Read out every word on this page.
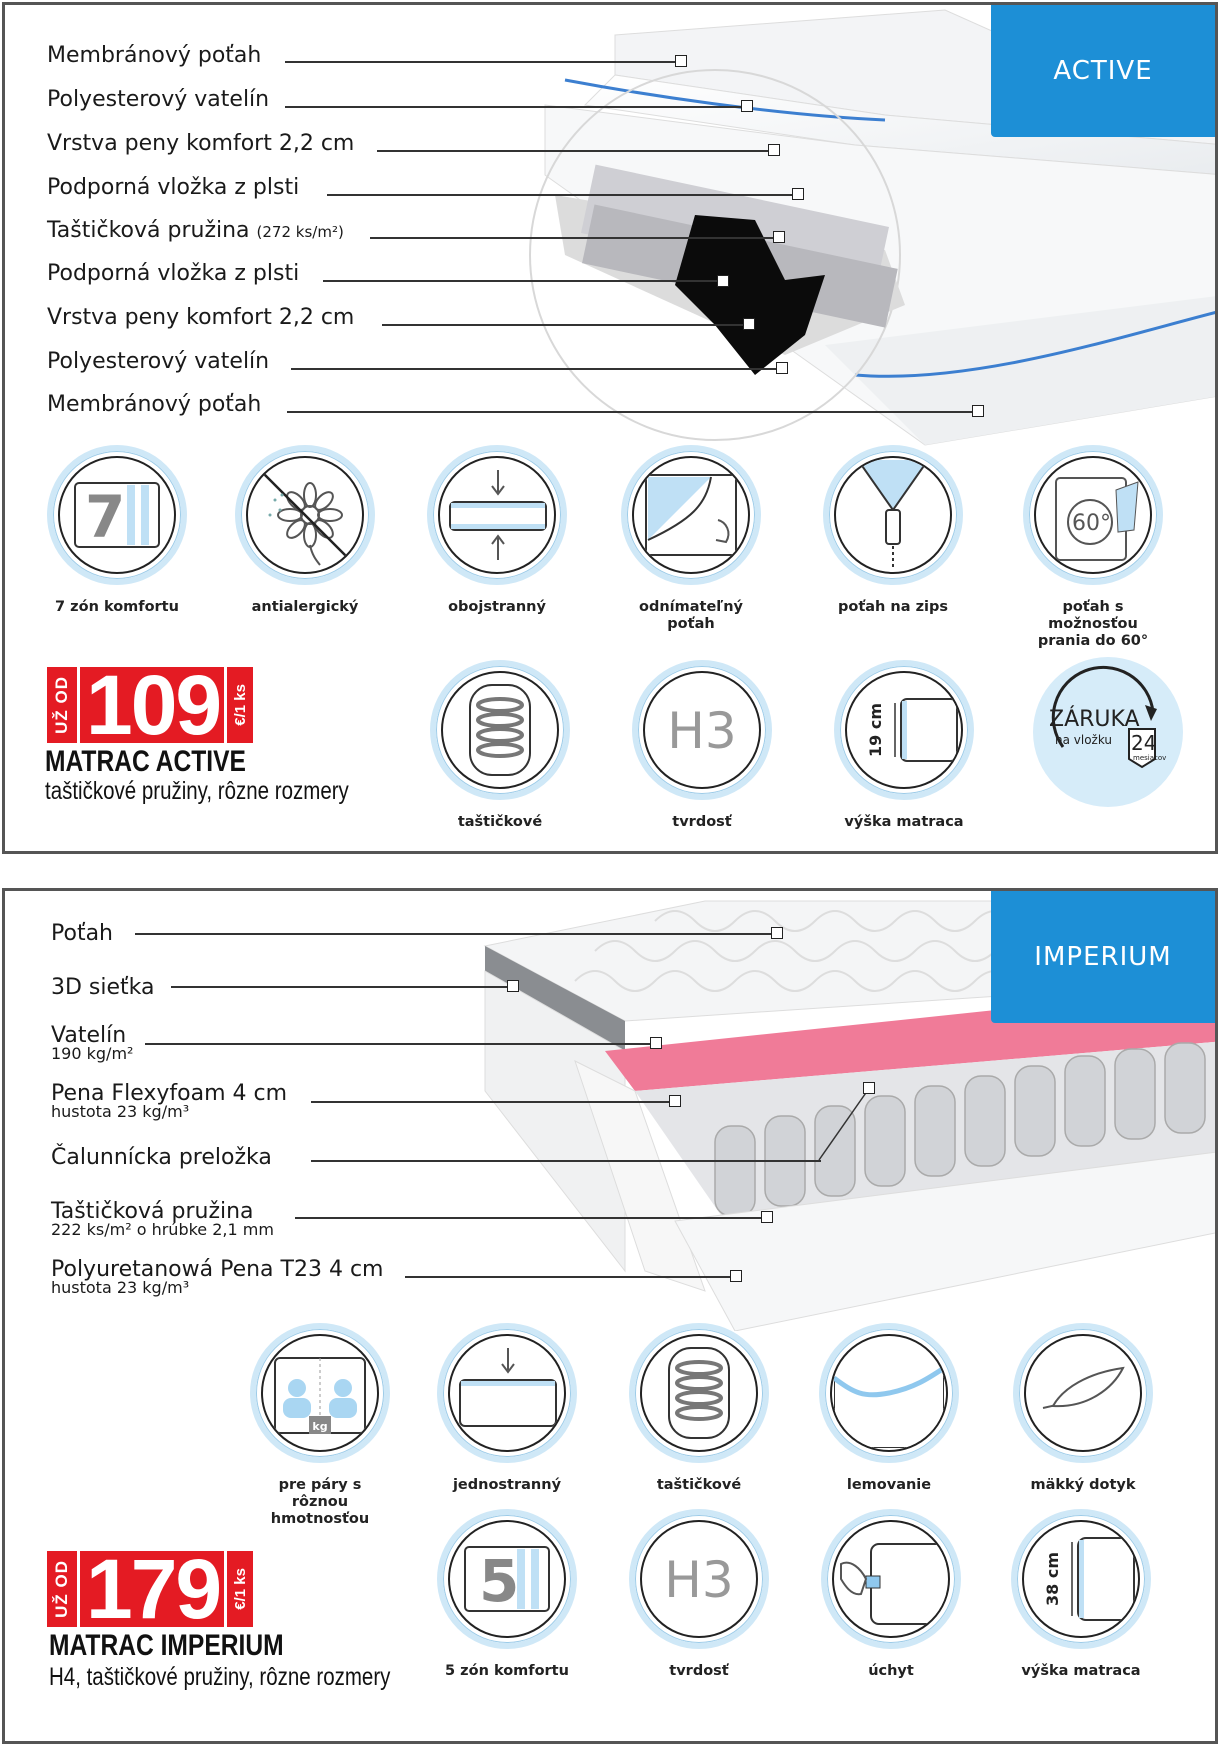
ACTIVE
Membránový poťah
Polyesterový vatelín
Vrstva peny komfort 2,2 cm
Podporná vložka z plsti
Taštičková pružina (272 ks/m²)
Podporná vložka z plsti
Vrstva peny komfort 2,2 cm
Polyesterový vatelín
Membránový poťah
7
7 zón komfortu	antialergický	obojstranný	odnímateľný poťah
poťah na zips
60°
poťah s možnosťou prania do 60°
UŽ OD 109 €/1 ks
MATRAC ACTIVE
taštičkové pružiny, rôzne rozmery
taštičkové
H3
tvrdosť
19 cm
výška matraca
ZÁRUKA
na vložku 24
mesiacov
IMPERIUM
Poťah
3D sieťka
Vatelín
190 kg/m²
Pena Flexyfoam 4 cm
hustota 23 kg/m³
Čalunnícka preložka
Taštičková pružina
222 ks/m² o hrúbke 2,1 mm
Polyuretanowá Pena T23 4 cm
hustota 23 kg/m³
kg
pre páry s rôznou hmotnosťou
jednostranný	taštičkové	lemovanie	mäkký dotyk
UŽ OD 179 €/1 ks
MATRAC IMPERIUM
H4, taštičkové pružiny, rôzne rozmery
5
5 zón komfortu
H3
tvrdosť	úchyt
38 cm
výška matraca
